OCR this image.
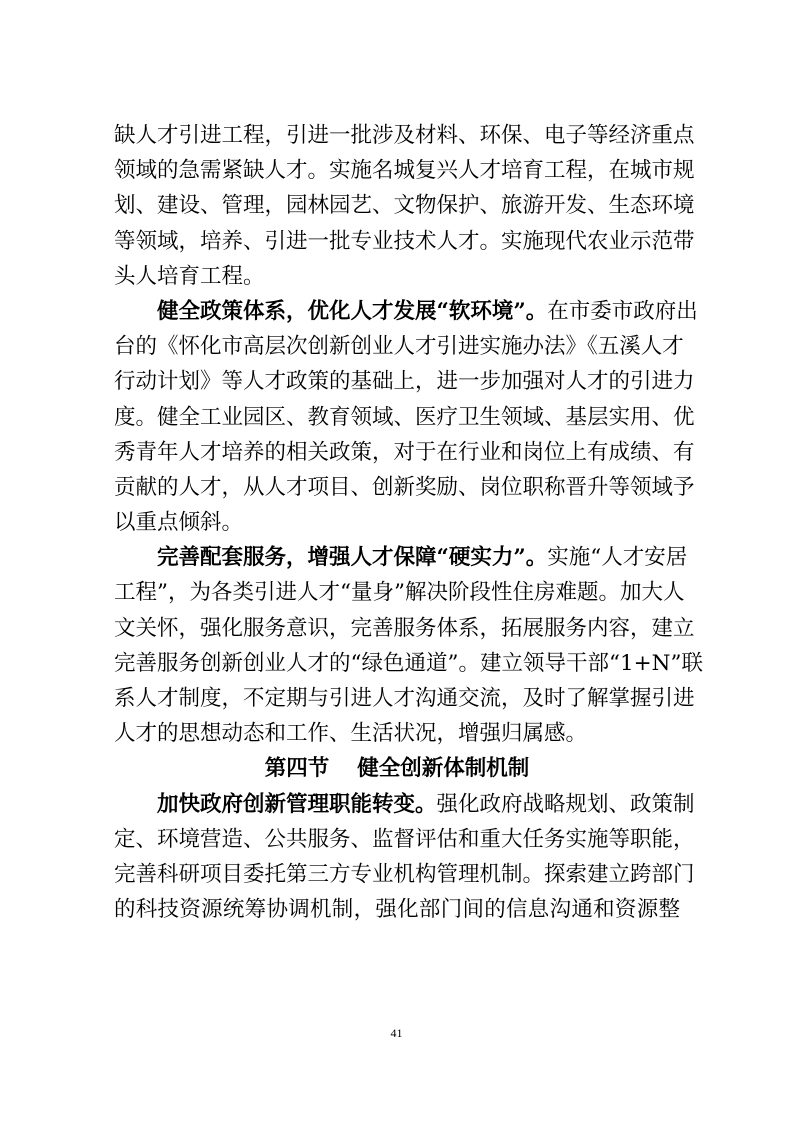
缺人才引进工程，引进一批涉及材料、环保、电子等经济重点
领域的急需紧缺人才。实施名城复兴人才培育工程，在城市规
划、建设、管理，园林园艺、文物保护、旅游开发、生态环境
等领域，培养、引进一批专业技术人才。实施现代农业示范带
头人培育工程。
健全政策体系，优化人才发展“软环境”。在市委市政府出
台的《怀化市高层次创新创业人才引进实施办法》《五溪人才
行动计划》等人才政策的基础上，进一步加强对人才的引进力
度。健全工业园区、教育领域、医疗卫生领域、基层实用、优
秀青年人才培养的相关政策，对于在行业和岗位上有成绩、有
贡献的人才，从人才项目、创新奖励、岗位职称晋升等领域予
以重点倾斜。
完善配套服务，增强人才保障“硬实力”。实施“人才安居
工程”，为各类引进人才“量身”解决阶段性住房难题。加大人
文关怀，强化服务意识，完善服务体系，拓展服务内容，建立
完善服务创新创业人才的“绿色通道”。建立领导干部“1+N”联
系人才制度，不定期与引进人才沟通交流，及时了解掌握引进
人才的思想动态和工作、生活状况，增强归属感。
第四节 健全创新体制机制
加快政府创新管理职能转变。强化政府战略规划、政策制
定、环境营造、公共服务、监督评估和重大任务实施等职能，
完善科研项目委托第三方专业机构管理机制。探索建立跨部门
的科技资源统筹协调机制，强化部门间的信息沟通和资源整
41
